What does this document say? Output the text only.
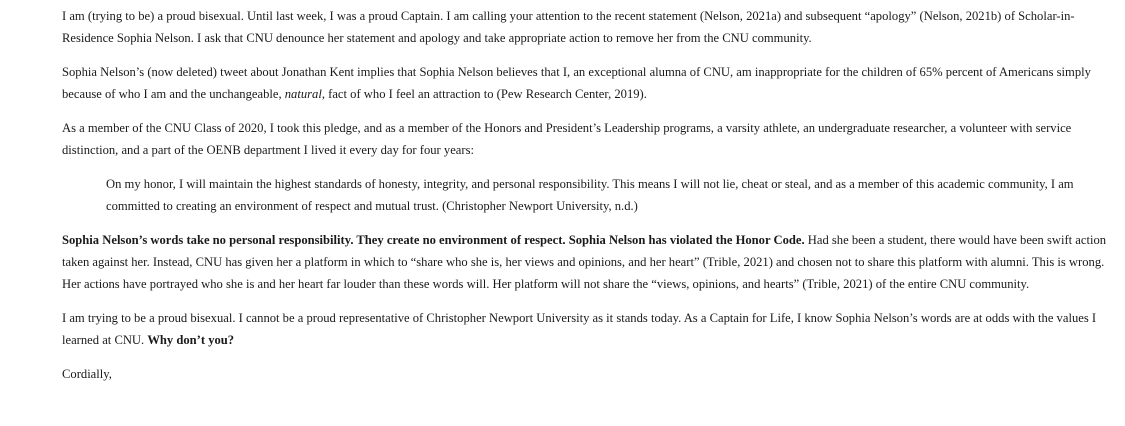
I am (trying to be) a proud bisexual. Until last week, I was a proud Captain. I am calling your attention to the recent statement (Nelson, 2021a) and subsequent “apology” (Nelson, 2021b) of Scholar-in-Residence Sophia Nelson. I ask that CNU denounce her statement and apology and take appropriate action to remove her from the CNU community.

Sophia Nelson’s (now deleted) tweet about Jonathan Kent implies that Sophia Nelson believes that I, an exceptional alumna of CNU, am inappropriate for the children of 65% percent of Americans simply because of who I am and the unchangeable, natural, fact of who I feel an attraction to (Pew Research Center, 2019).

As a member of the CNU Class of 2020, I took this pledge, and as a member of the Honors and President’s Leadership programs, a varsity athlete, an undergraduate researcher, a volunteer with service distinction, and a part of the OENB department I lived it every day for four years:

On my honor, I will maintain the highest standards of honesty, integrity, and personal responsibility. This means I will not lie, cheat or steal, and as a member of this academic community, I am committed to creating an environment of respect and mutual trust. (Christopher Newport University, n.d.)

Sophia Nelson’s words take no personal responsibility. They create no environment of respect. Sophia Nelson has violated the Honor Code. Had she been a student, there would have been swift action taken against her. Instead, CNU has given her a platform in which to “share who she is, her views and opinions, and her heart” (Trible, 2021) and chosen not to share this platform with alumni. This is wrong. Her actions have portrayed who she is and her heart far louder than these words will. Her platform will not share the “views, opinions, and hearts” (Trible, 2021) of the entire CNU community.

I am trying to be a proud bisexual. I cannot be a proud representative of Christopher Newport University as it stands today. As a Captain for Life, I know Sophia Nelson’s words are at odds with the values I learned at CNU. Why don’t you?

Cordially,
